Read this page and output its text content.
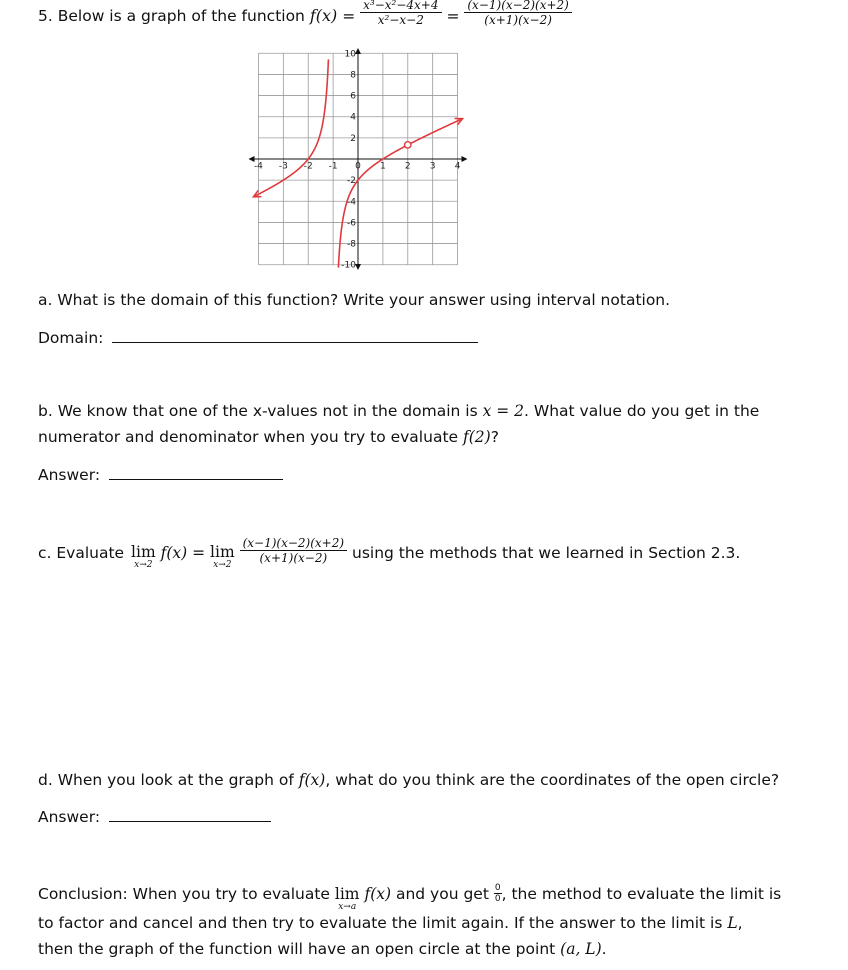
5. Below is a graph of the function $f(x) = \frac{\text{x³−x²−4x+4}}{\text{x²−x−2}} = \frac{(x-1)(x-2)(x+2)}{(x+1)(x-2)}$
-4 -3 -2 -1 0 1 2 3 4
10
8
6
4
2
-2
-4
-6
-8
-10
a. What is the domain of this function? Write your answer using interval notation.
Domain:
b. We know that one of the x-values not in the domain is x = 2. What value do you get in the
numerator and denominator when you try to evaluate f(2)?
Answer:
c. Evaluate lim
x→2
f(x) = lim
x→2
$\frac{(x-1)(x-2)(x+2)}{(x+1)(x-2)}$ using the methods that we learned in Section 2.3.
d. When you look at the graph of f(x), what do you think are the coordinates of the open circle?
Answer:
Conclusion: When you try to evaluate lim
x→a
f(x) and you get $\frac{0}{0}$ , the method to evaluate the limit is
to factor and cancel and then try to evaluate the limit again. If the answer to the limit is L,
then the graph of the function will have an open circle at the point (a, L).
